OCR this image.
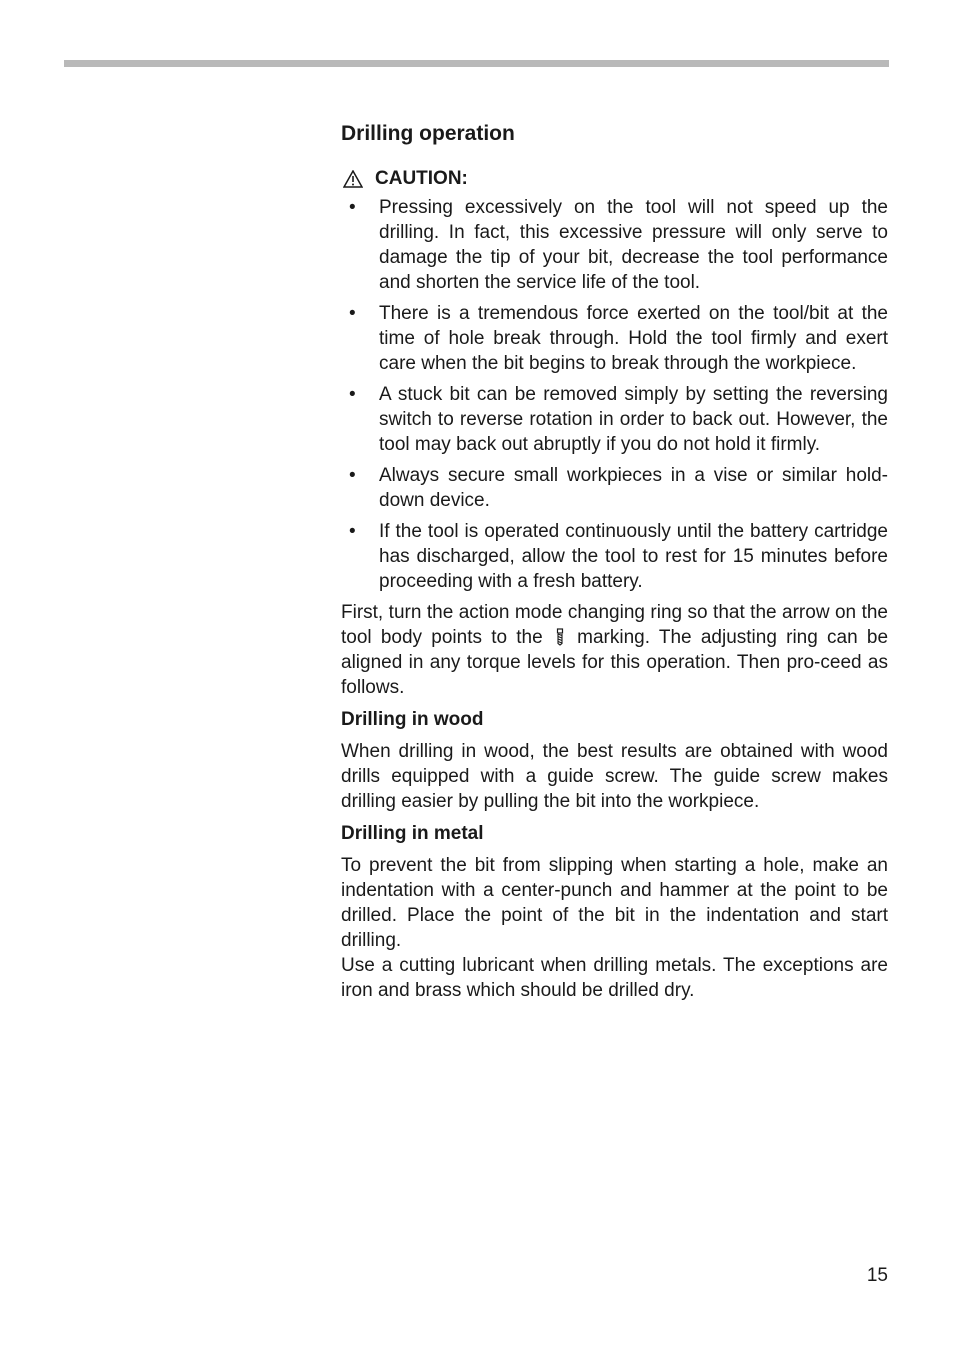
Drilling operation
CAUTION:
• Pressing excessively on the tool will not speed up the drilling. In fact, this excessive pressure will only serve to damage the tip of your bit, decrease the tool performance and shorten the service life of the tool.
• There is a tremendous force exerted on the tool/bit at the time of hole break through. Hold the tool firmly and exert care when the bit begins to break through the workpiece.
• A stuck bit can be removed simply by setting the reversing switch to reverse rotation in order to back out. However, the tool may back out abruptly if you do not hold it firmly.
• Always secure small workpieces in a vise or similar hold-down device.
• If the tool is operated continuously until the battery cartridge has discharged, allow the tool to rest for 15 minutes before proceeding with a fresh battery.

First, turn the action mode changing ring so that the arrow on the tool body points to the marking. The adjusting ring can be aligned in any torque levels for this operation. Then pro-ceed as follows.

Drilling in wood

When drilling in wood, the best results are obtained with wood drills equipped with a guide screw. The guide screw makes drilling easier by pulling the bit into the workpiece.

Drilling in metal

To prevent the bit from slipping when starting a hole, make an indentation with a center-punch and hammer at the point to be drilled. Place the point of the bit in the indentation and start drilling.

Use a cutting lubricant when drilling metals. The exceptions are iron and brass which should be drilled dry.

15
